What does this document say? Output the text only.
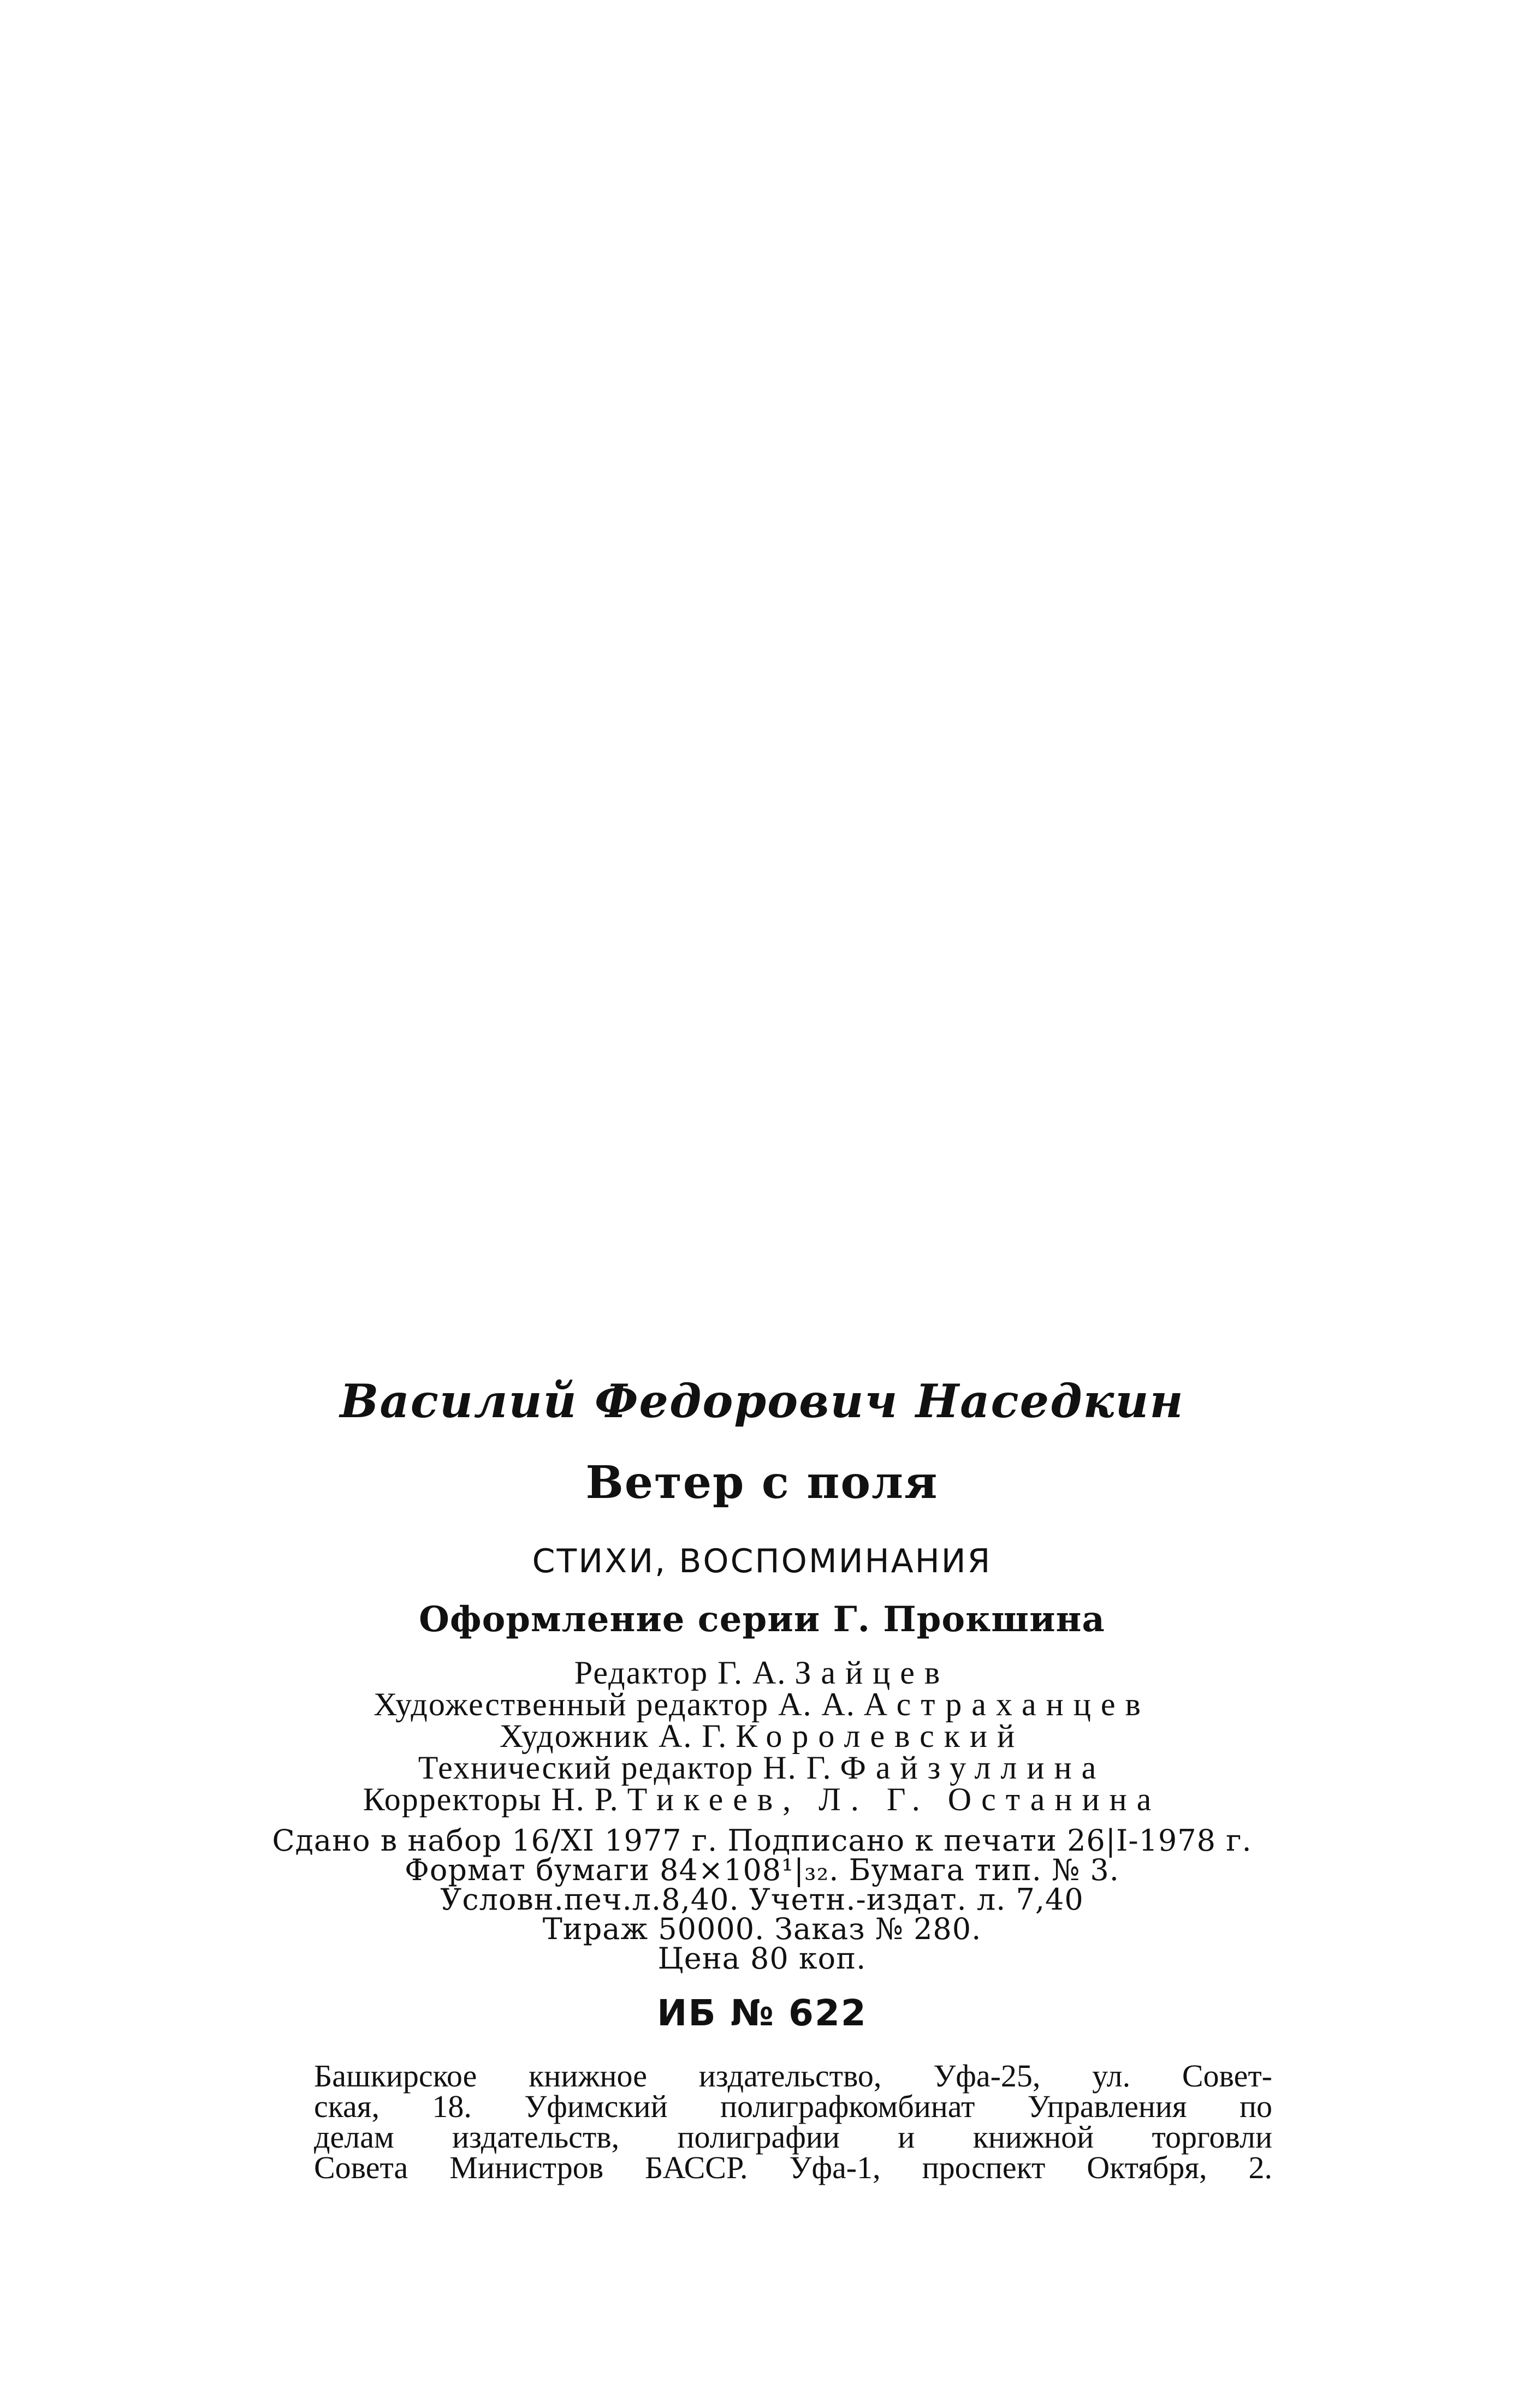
Василий Федорович Наседкин

Ветер с поля

СТИХИ, ВОСПОМИНАНИЯ

Оформление серии Г. Прокшина

Редактор Г. А. Зайцев
Художественный редактор А. А. Астраханцев
Художник А. Г. Королевский
Технический редактор Н. Г. Файзуллина
Корректоры Н. Р. Тикеев, Л. Г. Останина
Сдано в набор 16/XI 1977 г. Подписано к печати 26|I-1978 г.
Формат бумаги 84×108¹|₃₂. Бумага тип. № 3.
Условн.печ.л.8,40. Учетн.-издат. л. 7,40
Тираж 50000. Заказ № 280.
Цена 80 коп.

ИБ № 622

Башкирское книжное издательство, Уфа-25, ул. Совет-
ская, 18. Уфимский полиграфкомбинат Управления по
делам издательств, полиграфии и книжной торговли
Совета Министров БАССР. Уфа-1, проспект Октября, 2.
